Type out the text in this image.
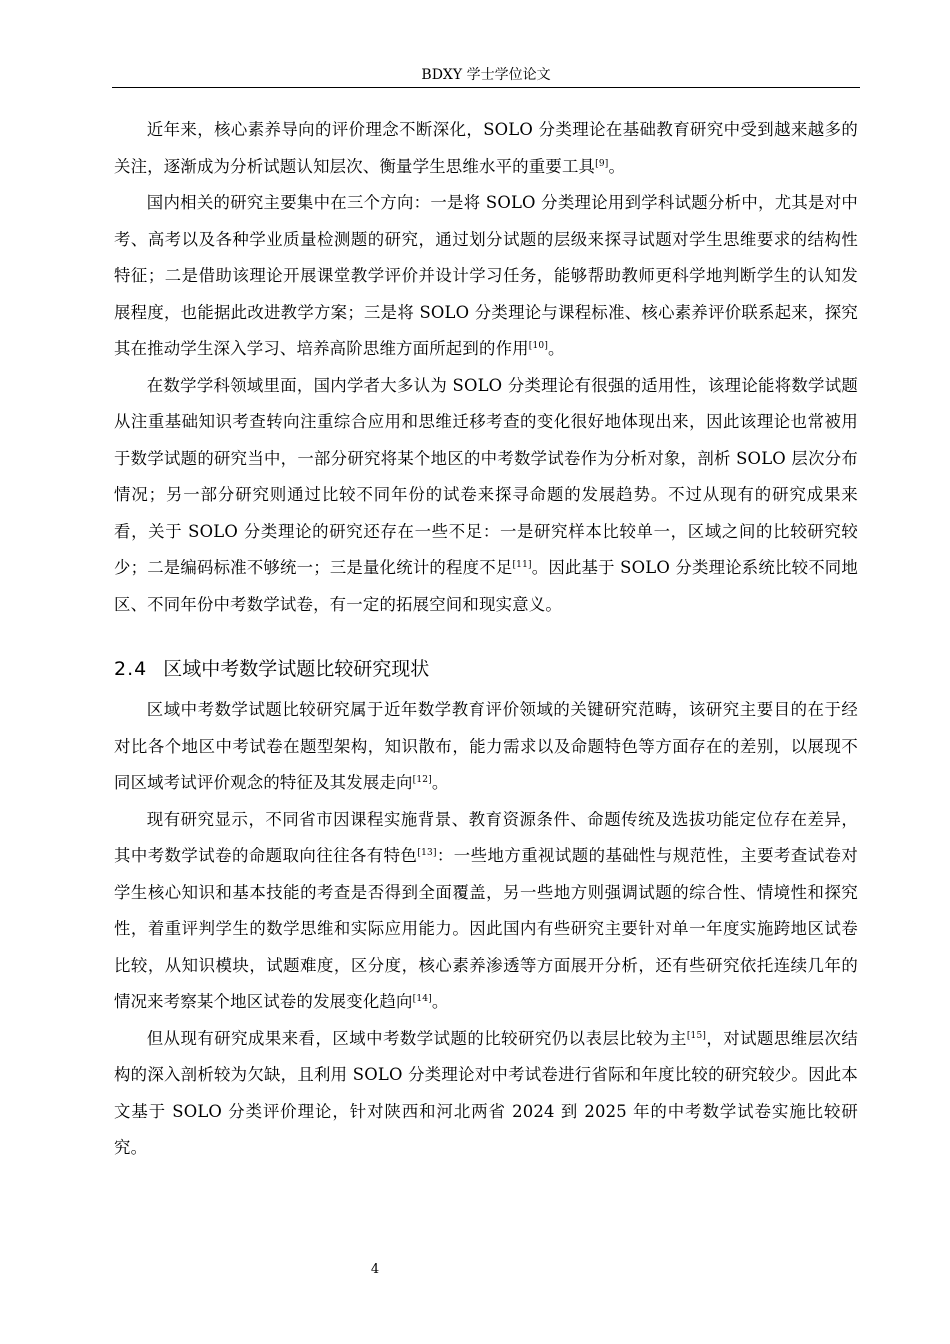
BDXY 学士学位论文

近年来，核心素养导向的评价理念不断深化，SOLO 分类理论在基础教育研究中受到越来越多的关注，逐渐成为分析试题认知层次、衡量学生思维水平的重要工具[9]。

国内相关的研究主要集中在三个方向：一是将 SOLO 分类理论用到学科试题分析中，尤其是对中考、高考以及各种学业质量检测题的研究，通过划分试题的层级来探寻试题对学生思维要求的结构性特征；二是借助该理论开展课堂教学评价并设计学习任务，能够帮助教师更科学地判断学生的认知发展程度，也能据此改进教学方案；三是将 SOLO 分类理论与课程标准、核心素养评价联系起来，探究其在推动学生深入学习、培养高阶思维方面所起到的作用[10]。

在数学学科领域里面，国内学者大多认为 SOLO 分类理论有很强的适用性，该理论能将数学试题从注重基础知识考查转向注重综合应用和思维迁移考查的变化很好地体现出来，因此该理论也常被用于数学试题的研究当中，一部分研究将某个地区的中考数学试卷作为分析对象，剖析 SOLO 层次分布情况；另一部分研究则通过比较不同年份的试卷来探寻命题的发展趋势。不过从现有的研究成果来看，关于 SOLO 分类理论的研究还存在一些不足：一是研究样本比较单一，区域之间的比较研究较少；二是编码标准不够统一；三是量化统计的程度不足[11]。因此基于 SOLO 分类理论系统比较不同地区、不同年份中考数学试卷，有一定的拓展空间和现实意义。

2.4 区域中考数学试题比较研究现状

区域中考数学试题比较研究属于近年数学教育评价领域的关键研究范畴，该研究主要目的在于经对比各个地区中考试卷在题型架构，知识散布，能力需求以及命题特色等方面存在的差别，以展现不同区域考试评价观念的特征及其发展走向[12]。

现有研究显示，不同省市因课程实施背景、教育资源条件、命题传统及选拔功能定位存在差异，其中考数学试卷的命题取向往往各有特色[13]：一些地方重视试题的基础性与规范性，主要考查试卷对学生核心知识和基本技能的考查是否得到全面覆盖，另一些地方则强调试题的综合性、情境性和探究性，着重评判学生的数学思维和实际应用能力。因此国内有些研究主要针对单一年度实施跨地区试卷比较，从知识模块，试题难度，区分度，核心素养渗透等方面展开分析，还有些研究依托连续几年的情况来考察某个地区试卷的发展变化趋向[14]。

但从现有研究成果来看，区域中考数学试题的比较研究仍以表层比较为主[15]，对试题思维层次结构的深入剖析较为欠缺，且利用 SOLO 分类理论对中考试卷进行省际和年度比较的研究较少。因此本文基于 SOLO 分类评价理论，针对陕西和河北两省 2024 到 2025 年的中考数学试卷实施比较研究。

4
